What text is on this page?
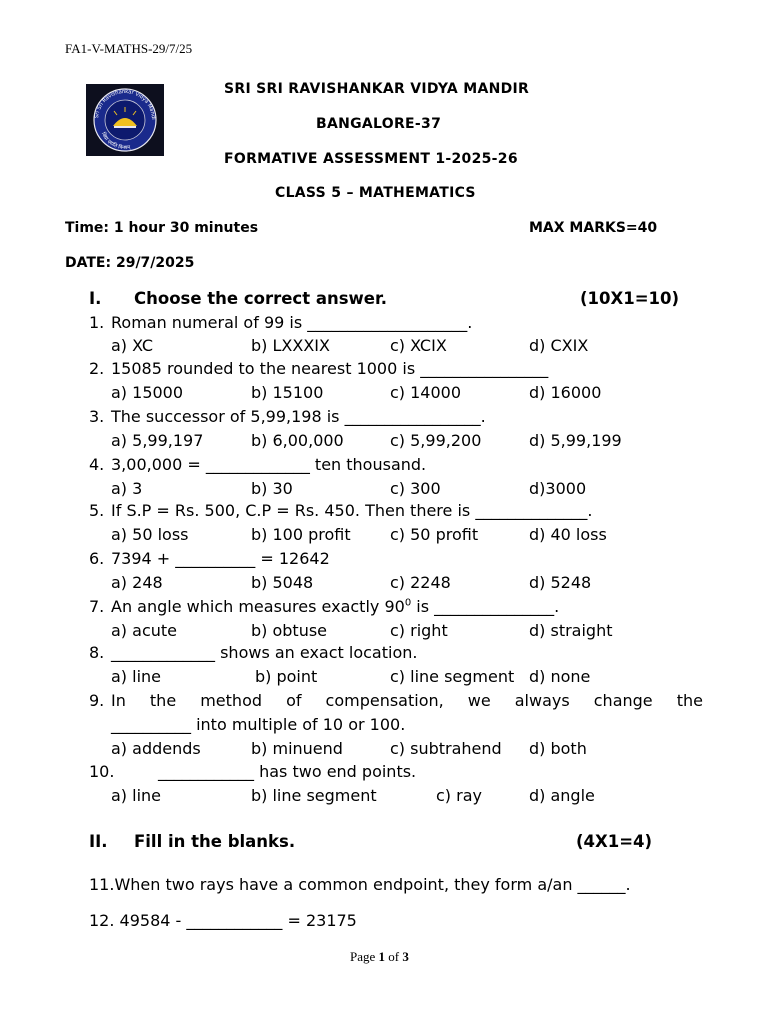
FA1-V-MATHS-29/7/25
Sri Sri Ravishankar Vidya Mandi
विद्या ददाति विनयम्
SRI SRI RAVISHANKAR VIDYA MANDIR
BANGALORE-37
FORMATIVE ASSESSMENT 1-2025-26
CLASS 5 – MATHEMATICS
Time: 1 hour 30 minutes	MAX MARKS=40
DATE: 29/7/2025
I. Choose the correct answer.	(10X1=10)
1. Roman numeral of 99 is ____________________.
a) XC	b) LXXXIX	c) XCIX	d) CXIX
2. 15085 rounded to the nearest 1000 is ________________
a) 15000	b) 15100	c) 14000	d) 16000
3. The successor of 5,99,198 is _________________.
a) 5,99,197	b) 6,00,000	c) 5,99,200	d) 5,99,199
4. 3,00,000 = _____________ ten thousand.
a) 3	b) 30	c) 300	d)3000
5. If S.P = Rs. 500, C.P = Rs. 450. Then there is ______________.
a) 50 loss	b) 100 profit c) 50 profit	d) 40 loss
6. 7394 + __________ = 12642
a) 248	b) 5048	c) 2248	d) 5248
7. An angle which measures exactly $90^0$ is _______________.
a) acute	b) obtuse	c) right	d) straight
8. _____________ shows an exact location.
a) line	b) point	c) line segment d) none
9. In the method of compensation, we always change the
__________ into multiple of 10 or 100.
a) addends	b) minuend	c) subtrahend d) both
10.	____________ has two end points.
a) line	b) line segment	c) ray	d) angle
II. Fill in the blanks.	(4X1=4)
11.When two rays have a common endpoint, they form a/an ______.
12. 49584 - ____________ = 23175
Page 1 of 3
